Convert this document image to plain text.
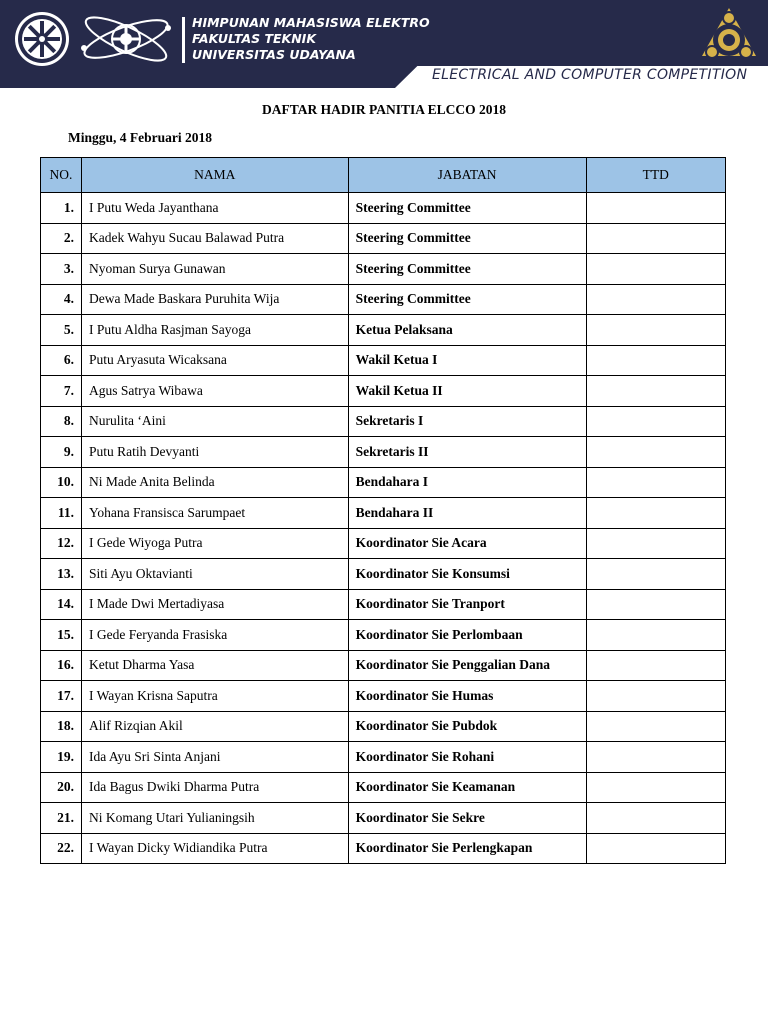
HIMPUNAN MAHASISWA ELEKTRO
FAKULTAS TEKNIK
UNIVERSITAS UDAYANA
ELECTRICAL AND COMPUTER COMPETITION
DAFTAR HADIR PANITIA ELCCO 2018
Minggu, 4 Februari 2018
NO.	NAMA	JABATAN	TTD
1.	I Putu Weda Jayanthana	Steering Committee	
2.	Kadek Wahyu Sucau Balawad Putra	Steering Committee	
3.	Nyoman Surya Gunawan	Steering Committee	
4.	Dewa Made Baskara Puruhita Wija	Steering Committee	
5.	I Putu Aldha Rasjman Sayoga	Ketua Pelaksana	
6.	Putu Aryasuta Wicaksana	Wakil Ketua I	
7.	Agus Satrya Wibawa	Wakil Ketua II	
8.	Nurulita ‘Aini	Sekretaris I	
9.	Putu Ratih Devyanti	Sekretaris II	
10.	Ni Made Anita Belinda	Bendahara I	
11.	Yohana Fransisca Sarumpaet	Bendahara II	
12.	I Gede Wiyoga Putra	Koordinator Sie Acara	
13.	Siti Ayu Oktavianti	Koordinator Sie Konsumsi	
14.	I Made Dwi Mertadiyasa	Koordinator Sie Tranport	
15.	I Gede Feryanda Frasiska	Koordinator Sie Perlombaan	
16.	Ketut Dharma Yasa	Koordinator Sie Penggalian Dana	
17.	I Wayan Krisna Saputra	Koordinator Sie Humas	
18.	Alif Rizqian Akil	Koordinator Sie Pubdok	
19.	Ida Ayu Sri Sinta Anjani	Koordinator Sie Rohani	
20.	Ida Bagus Dwiki Dharma Putra	Koordinator Sie Keamanan	
21.	Ni Komang Utari Yulianingsih	Koordinator Sie Sekre	
22.	I Wayan Dicky Widiandika Putra	Koordinator Sie Perlengkapan	
